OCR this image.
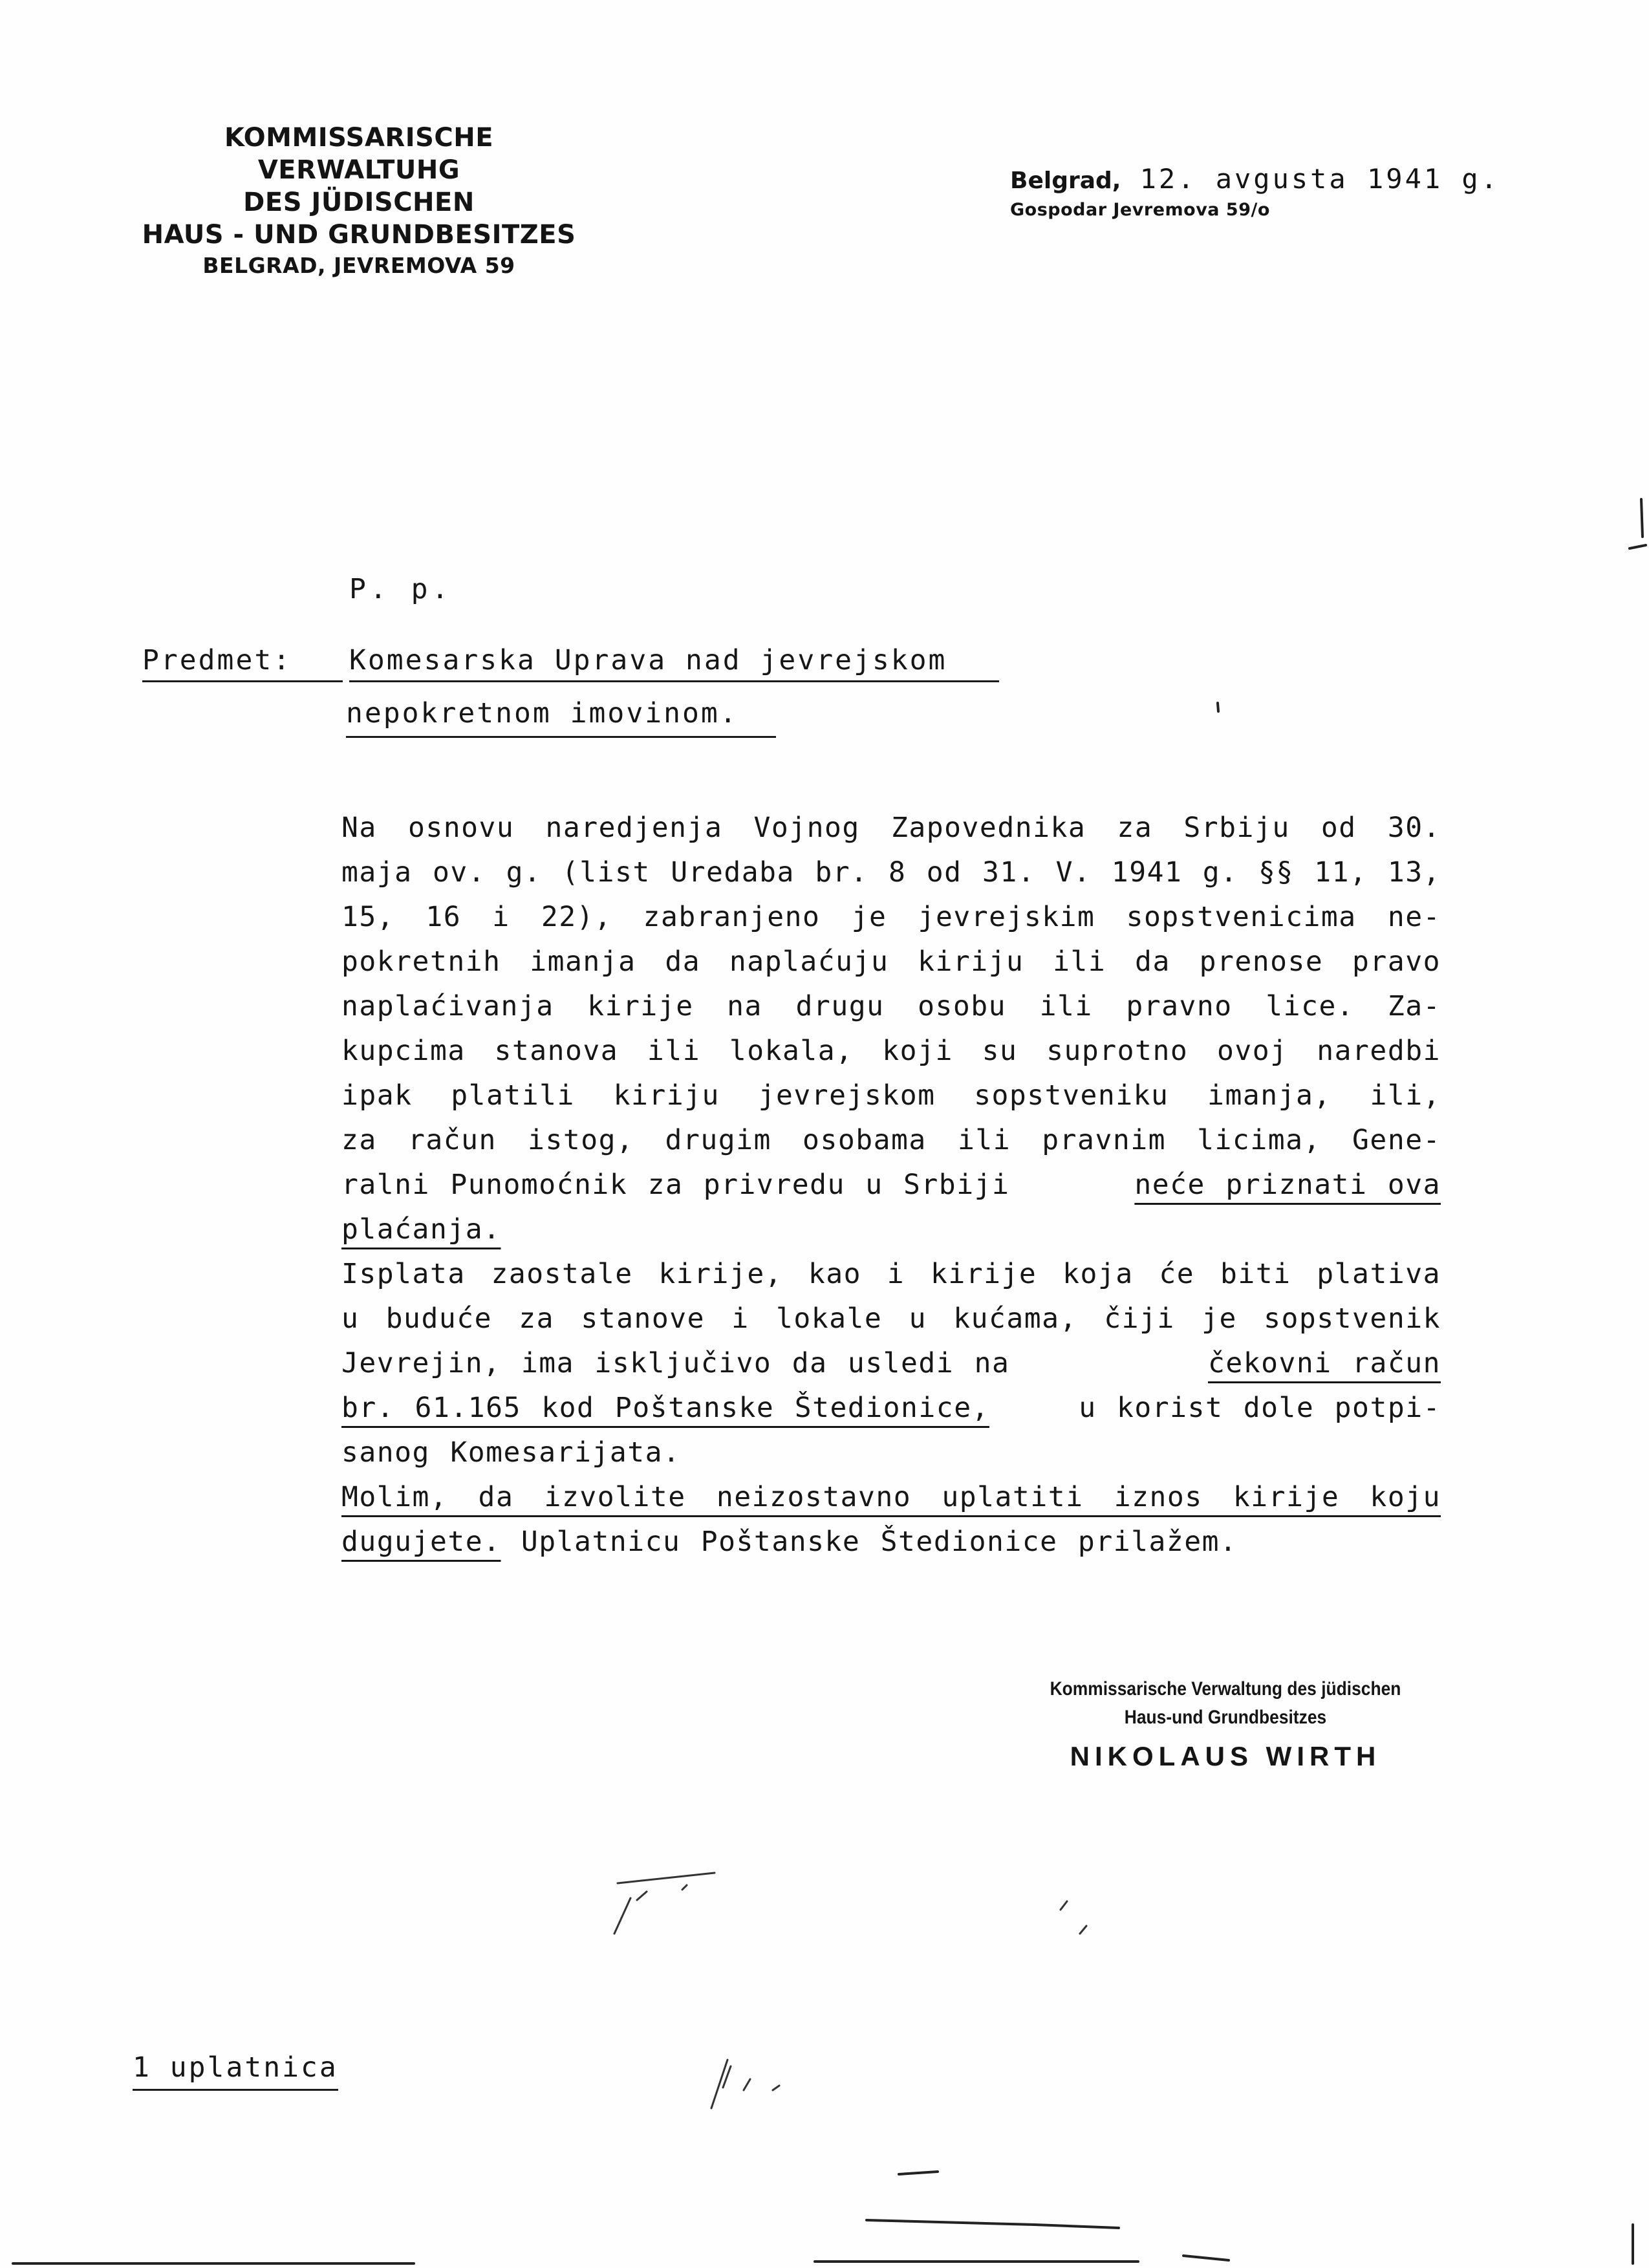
KOMMISSARISCHE VERWALTUHG
DES JÜDISCHEN
HAUS - UND GRUNDBESITZES
BELGRAD, JEVREMOVA 59
Belgrad, 12. avgusta 1941 g.
Gospodar Jevremova 59/o
P. p.
Predmet:	Komesarska Uprava nad jevrejskom
nepokretnom imovinom.
Na osnovu naredjenja Vojnog Zapovednika za Srbiju od 30.
maja ov. g. (list Uredaba br. 8 od 31. V. 1941 g. §§ 11, 13,
15, 16 i 22), zabranjeno je jevrejskim sopstvenicima ne-
pokretnih imanja da naplaćuju kiriju ili da prenose pravo
naplaćivanja kirije na drugu osobu ili pravno lice. Za-
kupcima stanova ili lokala, koji su suprotno ovoj naredbi
ipak platili kiriju jevrejskom sopstveniku imanja, ili,
za račun istog, drugim osobama ili pravnim licima, Gene-
ralni Punomoćnik za privredu u Srbiji	neće priznati ova
plaćanja.
Isplata zaostale kirije, kao i kirije koja će biti plativa
u buduće za stanove i lokale u kućama, čiji je sopstvenik
Jevrejin, ima isključivo da usledi na	čekovni račun
br. 61.165 kod Poštanske Štedionice,	u korist dole potpi-
sanog Komesarijata.
Molim, da izvolite neizostavno uplatiti iznos kirije koju
dugujete. Uplatnicu Poštanske Štedionice prilažem.
Kommissarische Verwaltung des jüdischen
Haus-und Grundbesitzes
NIKOLAUS WIRTH
1 uplatnica
